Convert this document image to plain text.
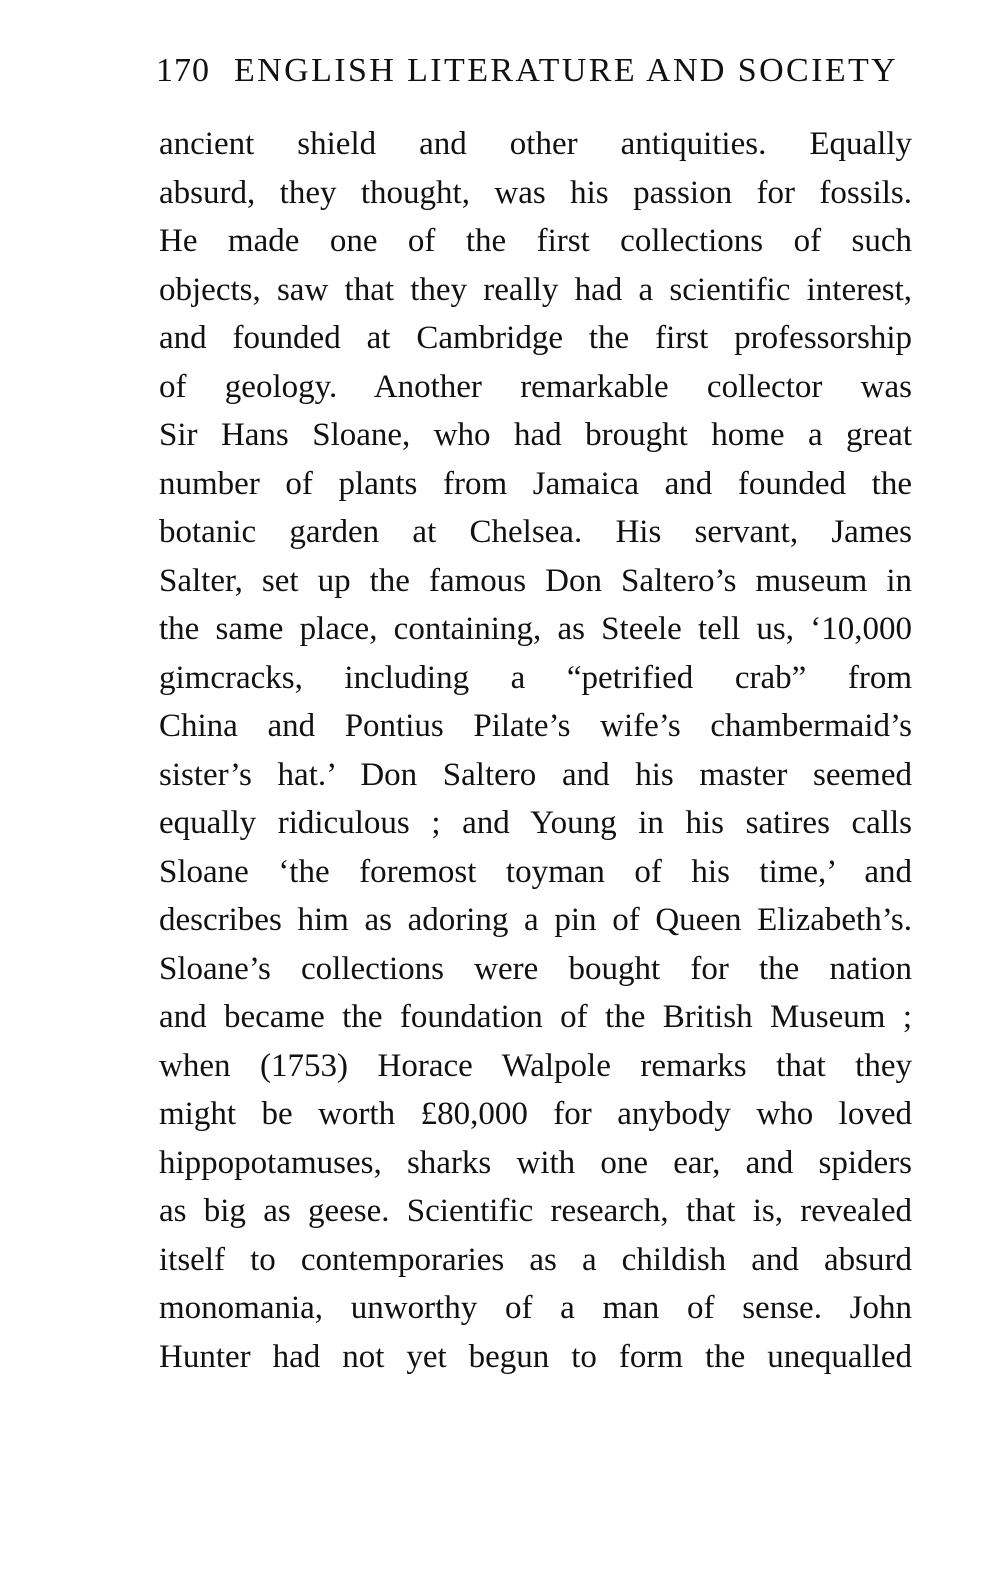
170 ENGLISH LITERATURE AND SOCIETY
ancient shield and other antiquities. Equally
absurd, they thought, was his passion for fossils.
He made one of the first collections of such
objects, saw that they really had a scientific interest,
and founded at Cambridge the first professorship
of geology. Another remarkable collector was
Sir Hans Sloane, who had brought home a great
number of plants from Jamaica and founded the
botanic garden at Chelsea. His servant, James
Salter, set up the famous Don Saltero’s museum in
the same place, containing, as Steele tell us, ‘10,000
gimcracks, including a “petrified crab” from
China and Pontius Pilate’s wife’s chambermaid’s
sister’s hat.’ Don Saltero and his master seemed
equally ridiculous ; and Young in his satires calls
Sloane ‘the foremost toyman of his time,’ and
describes him as adoring a pin of Queen Elizabeth’s.
Sloane’s collections were bought for the nation
and became the foundation of the British Museum ;
when (1753) Horace Walpole remarks that they
might be worth £80,000 for anybody who loved
hippopotamuses, sharks with one ear, and spiders
as big as geese. Scientific research, that is, revealed
itself to contemporaries as a childish and absurd
monomania, unworthy of a man of sense. John
Hunter had not yet begun to form the unequalled
